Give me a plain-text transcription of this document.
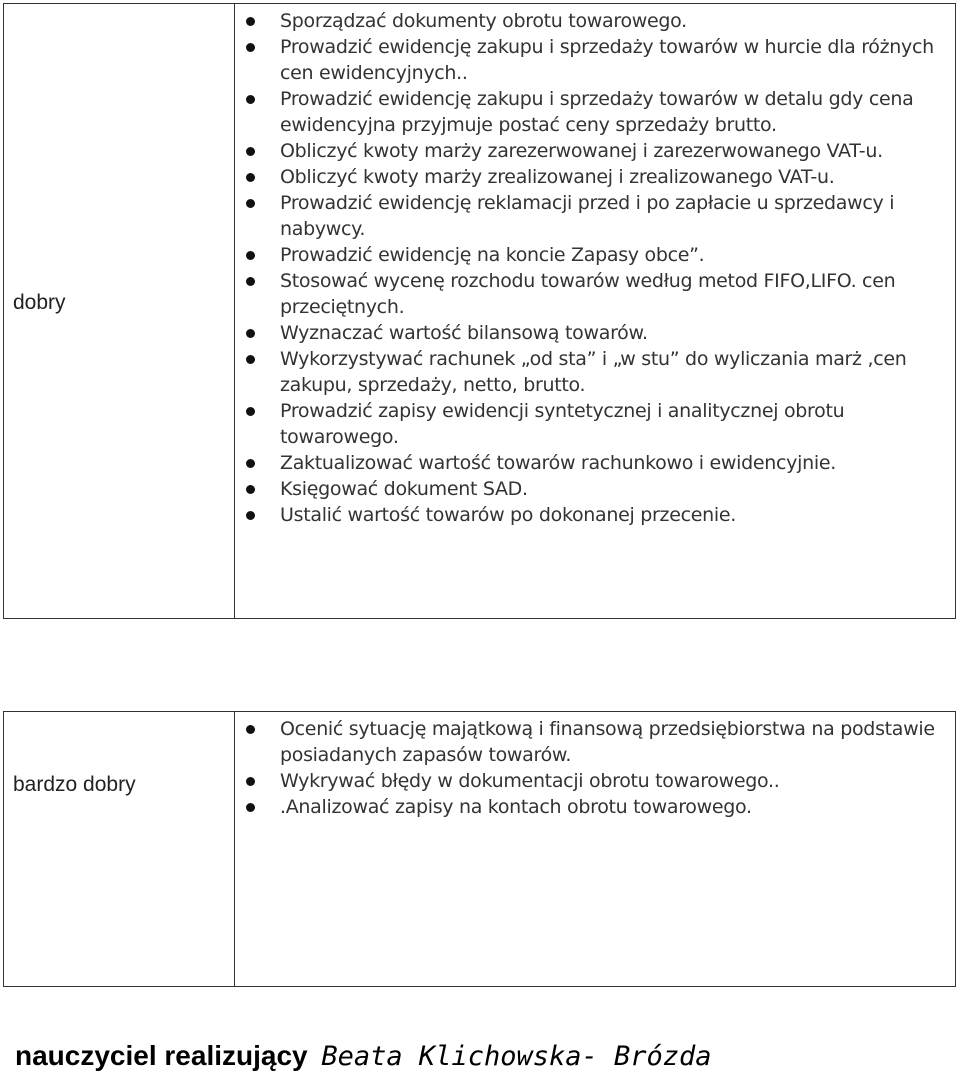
dobry
Sporządzać dokumenty obrotu towarowego.
Prowadzić ewidencję zakupu i sprzedaży towarów w hurcie dla różnych cen ewidencyjnych..
Prowadzić ewidencję zakupu i sprzedaży towarów w detalu gdy cena ewidencyjna przyjmuje postać ceny sprzedaży brutto.
Obliczyć kwoty marży zarezerwowanej i zarezerwowanego VAT-u.
Obliczyć kwoty marży zrealizowanej i zrealizowanego VAT-u.
Prowadzić ewidencję reklamacji przed i po zapłacie u sprzedawcy i nabywcy.
Prowadzić ewidencję na koncie Zapasy obce”.
Stosować wycenę rozchodu towarów według metod FIFO,LIFO. cen przeciętnych.
Wyznaczać wartość bilansową towarów.
Wykorzystywać rachunek „od sta” i „w stu” do wyliczania marż ,cen zakupu, sprzedaży, netto, brutto.
Prowadzić zapisy ewidencji syntetycznej i analitycznej obrotu towarowego.
Zaktualizować wartość towarów rachunkowo i ewidencyjnie.
Księgować dokument SAD.
Ustalić wartość towarów po dokonanej przecenie.
bardzo dobry
Ocenić sytuację majątkową i finansową przedsiębiorstwa na podstawie posiadanych zapasów towarów.
Wykrywać błędy w dokumentacji obrotu towarowego..
.Analizować zapisy na kontach obrotu towarowego.
nauczyciel realizujący Beata Klichowska- Brózda
